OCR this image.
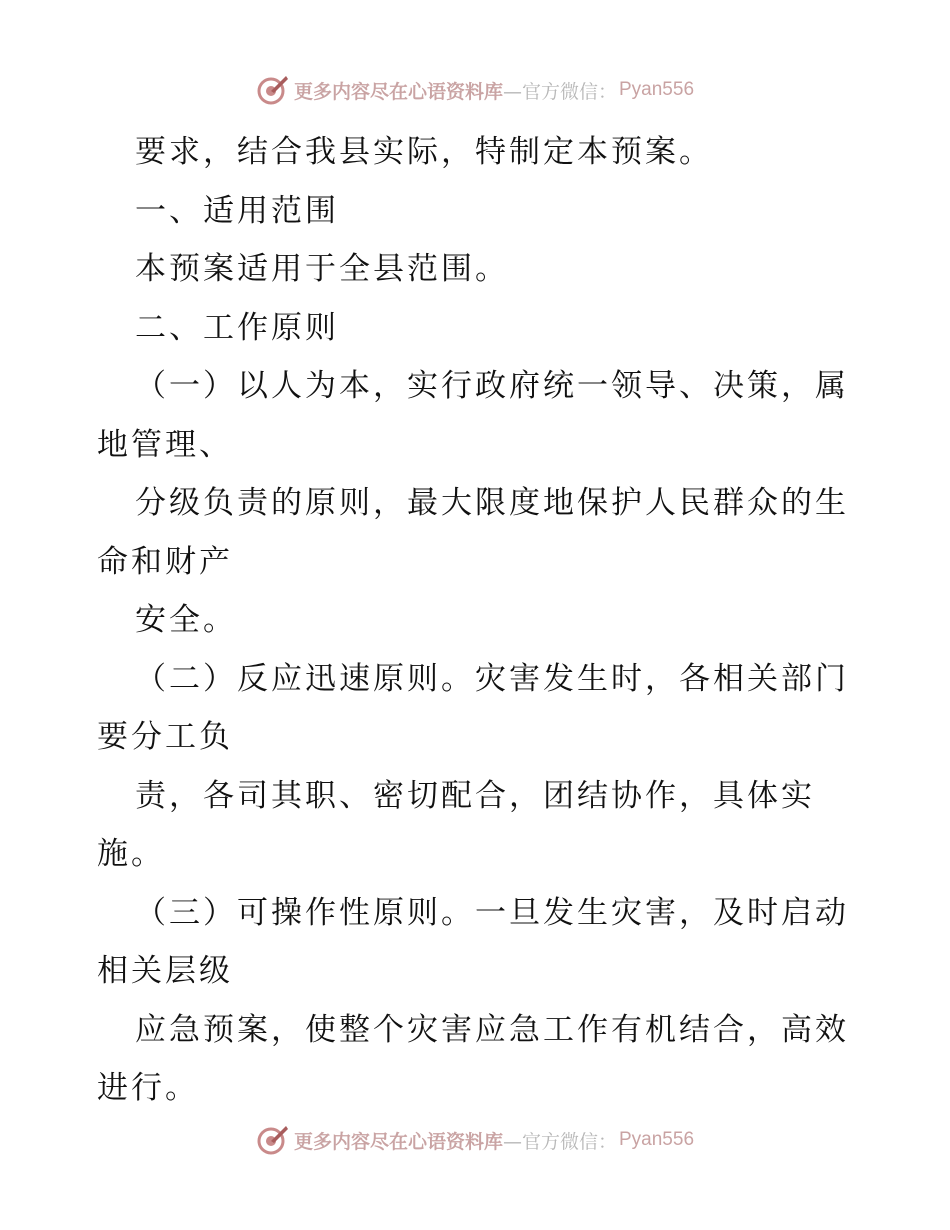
更多内容尽在心语资料库 —官方微信： Pyan556
要求，结合我县实际，特制定本预案。
一、适用范围
本预案适用于全县范围。
二、工作原则
（一）以人为本，实行政府统一领导、决策，属
地管理、
分级负责的原则，最大限度地保护人民群众的生
命和财产
安全。
（二）反应迅速原则。灾害发生时，各相关部门
要分工负
责，各司其职、密切配合，团结协作，具体实
施。
（三）可操作性原则。一旦发生灾害，及时启动
相关层级
应急预案，使整个灾害应急工作有机结合，高效
进行。
更多内容尽在心语资料库 —官方微信： Pyan556
